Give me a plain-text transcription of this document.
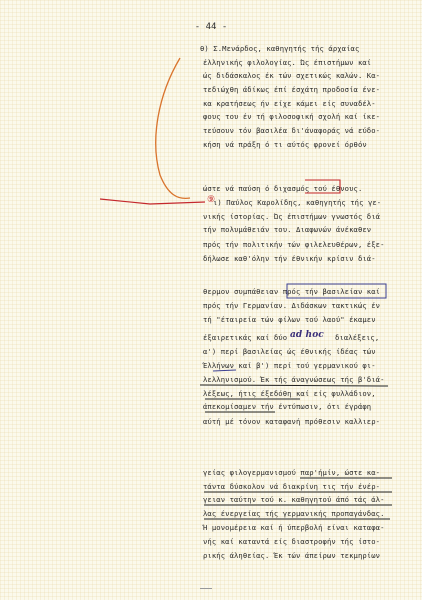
- 44 -
θ) Σ.Μενάρδος, καθηγητής τής άρχαίας
έλληνικής φιλολογίας. Ώς έπιστήμων καί
ώς διδάσκαλος έκ τών σχετικώς καλών. Κα-
τεδιώχθη άδίκως έπί έσχάτη προδοσία ένε-
κα κρατήσεως ήν είχε κάμει είς συναδέλ-
φους του έν τή φιλοσοφική σχολή καί ίκε-
τεύσουν τόν βασιλέα δι'άναφοράς νά εύδο-
κήση νά πράξη ό τι αύτός φρονεί όρθόν
ώστε νά παύση ό διχασμός τού έθνους.
ι) Παύλος Καρολίδης, καθηγητής τής γε-
νικής ίστορίας. Ώς έπιστήμων γνωστός διά
τήν πολυμάθειάν του. Διαφωνών άνέκαθεν
πρός τήν πολιτικήν τών φιλελευθέρων, έξε-
δήλωσε καθ'όλην τήν έθνικήν κρίσιν διά-
θερμον συμπάθειαν πρός τήν βασιλείαν καί
πρός τήν Γερμανίαν. Διδάσκων τακτικώς έν
τή "έταιρεία τών φίλων τού λαού" έκαμεν
έξαιρετικάς καί δύο ad hoc διαλέξεις,
α') περί βασιλείας ώς έθνικής ίδέας τών
Έλλήνων καί β') περί τού γερμανικού φι-
λελληνισμού. Έκ τής άναγνώσεως τής β'διά-
λέξεως, ήτις έξεδόθη καί είς φυλλάδιον,
άπεκομίσαμεν τήν έντύπωσιν, ότι έγράφη
αύτή μέ τόνον καταφανή πρόθεσιν καλλιερ-
γείας φιλογερμανισμού παρ'ήμίν, ώστε κα-
τάντα δύσκολον νά διακρίνη τις τήν ένέρ-
γειαν ταύτην τού κ. καθηγητού άπό τάς άλ-
λας ένεργείας τής γερμανικής προπαγάνδας.
Ή μονομέρεια καί ή ύπερβολή είναι καταφα-
νής καί καταντά είς διαστροφήν τής ίστο-
ρικής άληθείας. Έκ τών άπείρων τεκμηρίων
⑨
